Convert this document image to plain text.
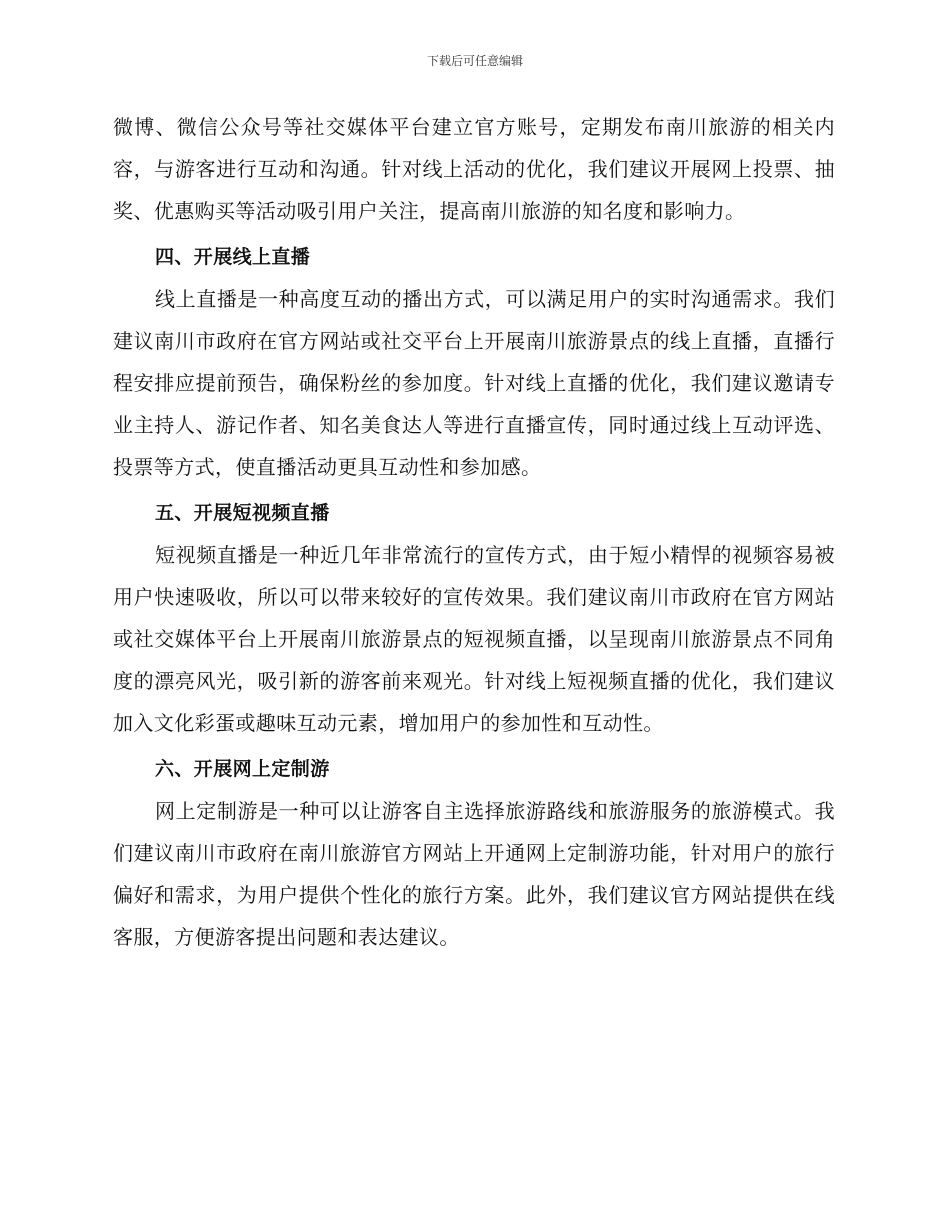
下载后可任意编辑

微博、微信公众号等社交媒体平台建立官方账号，定期发布南川旅游的相关内容，与游客进行互动和沟通。针对线上活动的优化，我们建议开展网上投票、抽奖、优惠购买等活动吸引用户关注，提高南川旅游的知名度和影响力。

四、开展线上直播

线上直播是一种高度互动的播出方式，可以满足用户的实时沟通需求。我们建议南川市政府在官方网站或社交平台上开展南川旅游景点的线上直播，直播行程安排应提前预告，确保粉丝的参加度。针对线上直播的优化，我们建议邀请专业主持人、游记作者、知名美食达人等进行直播宣传，同时通过线上互动评选、投票等方式，使直播活动更具互动性和参加感。

五、开展短视频直播

短视频直播是一种近几年非常流行的宣传方式，由于短小精悍的视频容易被用户快速吸收，所以可以带来较好的宣传效果。我们建议南川市政府在官方网站或社交媒体平台上开展南川旅游景点的短视频直播，以呈现南川旅游景点不同角度的漂亮风光，吸引新的游客前来观光。针对线上短视频直播的优化，我们建议加入文化彩蛋或趣味互动元素，增加用户的参加性和互动性。

六、开展网上定制游

网上定制游是一种可以让游客自主选择旅游路线和旅游服务的旅游模式。我们建议南川市政府在南川旅游官方网站上开通网上定制游功能，针对用户的旅行偏好和需求，为用户提供个性化的旅行方案。此外，我们建议官方网站提供在线客服，方便游客提出问题和表达建议。
